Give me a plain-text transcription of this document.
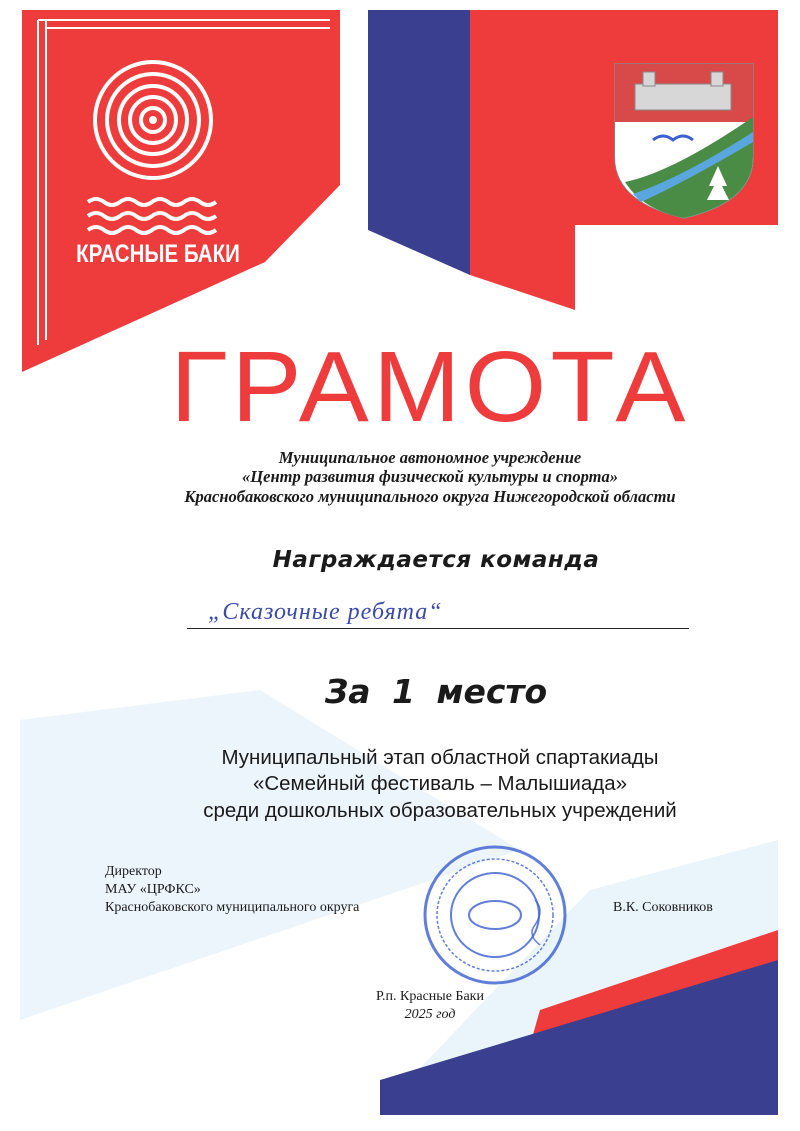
КРАСНЫЕ БАКИ
ГРАМОТА
Муниципальное автономное учреждение
«Центр развития физической культуры и спорта»
Краснобаковского муниципального округа Нижегородской области
Награждается команда
„Сказочные ребята“
За 1 место
Муниципальный этап областной спартакиады
«Семейный фестиваль – Малышиада»
среди дошкольных образовательных учреждений
Директор
МАУ «ЦРФКС»
Краснобаковского муниципального округа	В.К. Соковников
Р.п. Красные Баки
2025 год
